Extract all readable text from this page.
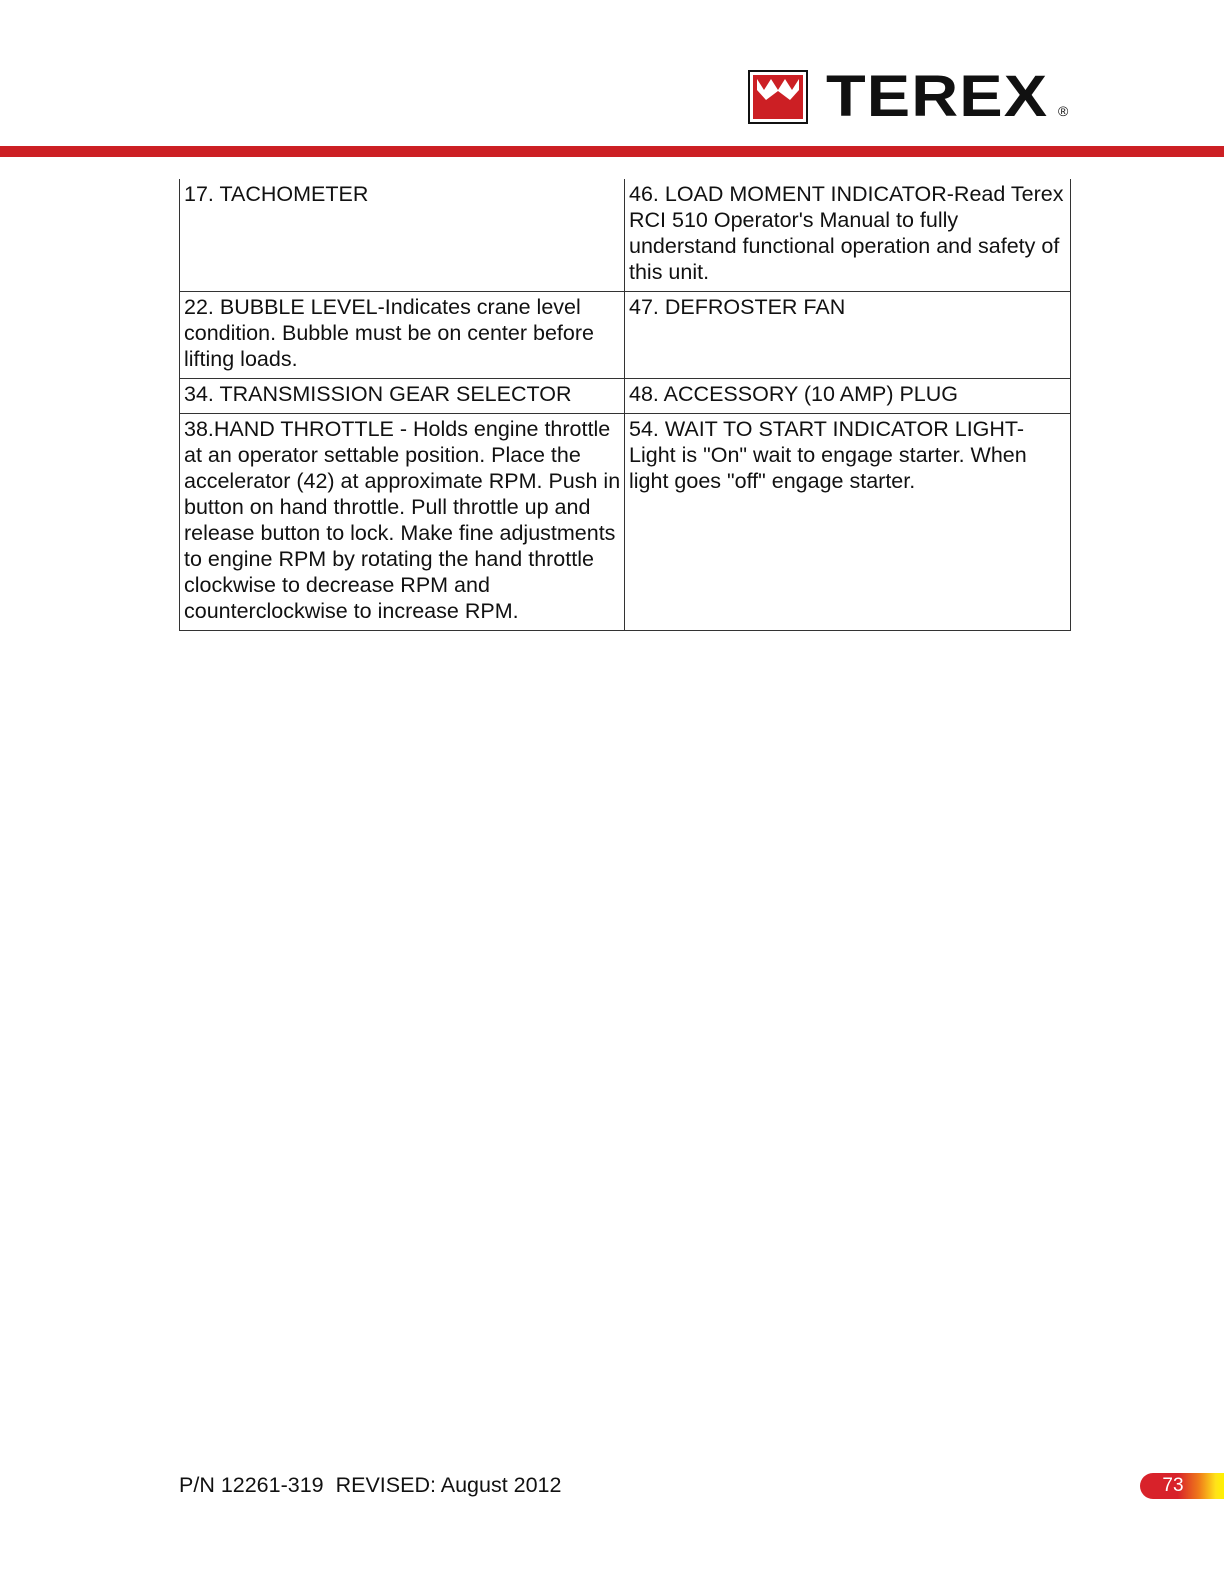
TEREX ®
17. TACHOMETER	46. LOAD MOMENT INDICATOR-Read Terex RCI 510 Operator's Manual to fully understand functional operation and safety of this unit.
22. BUBBLE LEVEL-Indicates crane level condition. Bubble must be on center before lifting loads.	47. DEFROSTER FAN
34. TRANSMISSION GEAR SELECTOR	48. ACCESSORY (10 AMP) PLUG
38.HAND THROTTLE - Holds engine throttle at an operator settable position. Place the accelerator (42) at approximate RPM. Push in button on hand throttle. Pull throttle up and release button to lock. Make fine adjustments to engine RPM by rotating the hand throttle clockwise to decrease RPM and counterclockwise to increase RPM.	54. WAIT TO START INDICATOR LIGHT-Light is "On" wait to engage starter. When light goes "off" engage starter.
P/N 12261-319  REVISED: August 2012	73
